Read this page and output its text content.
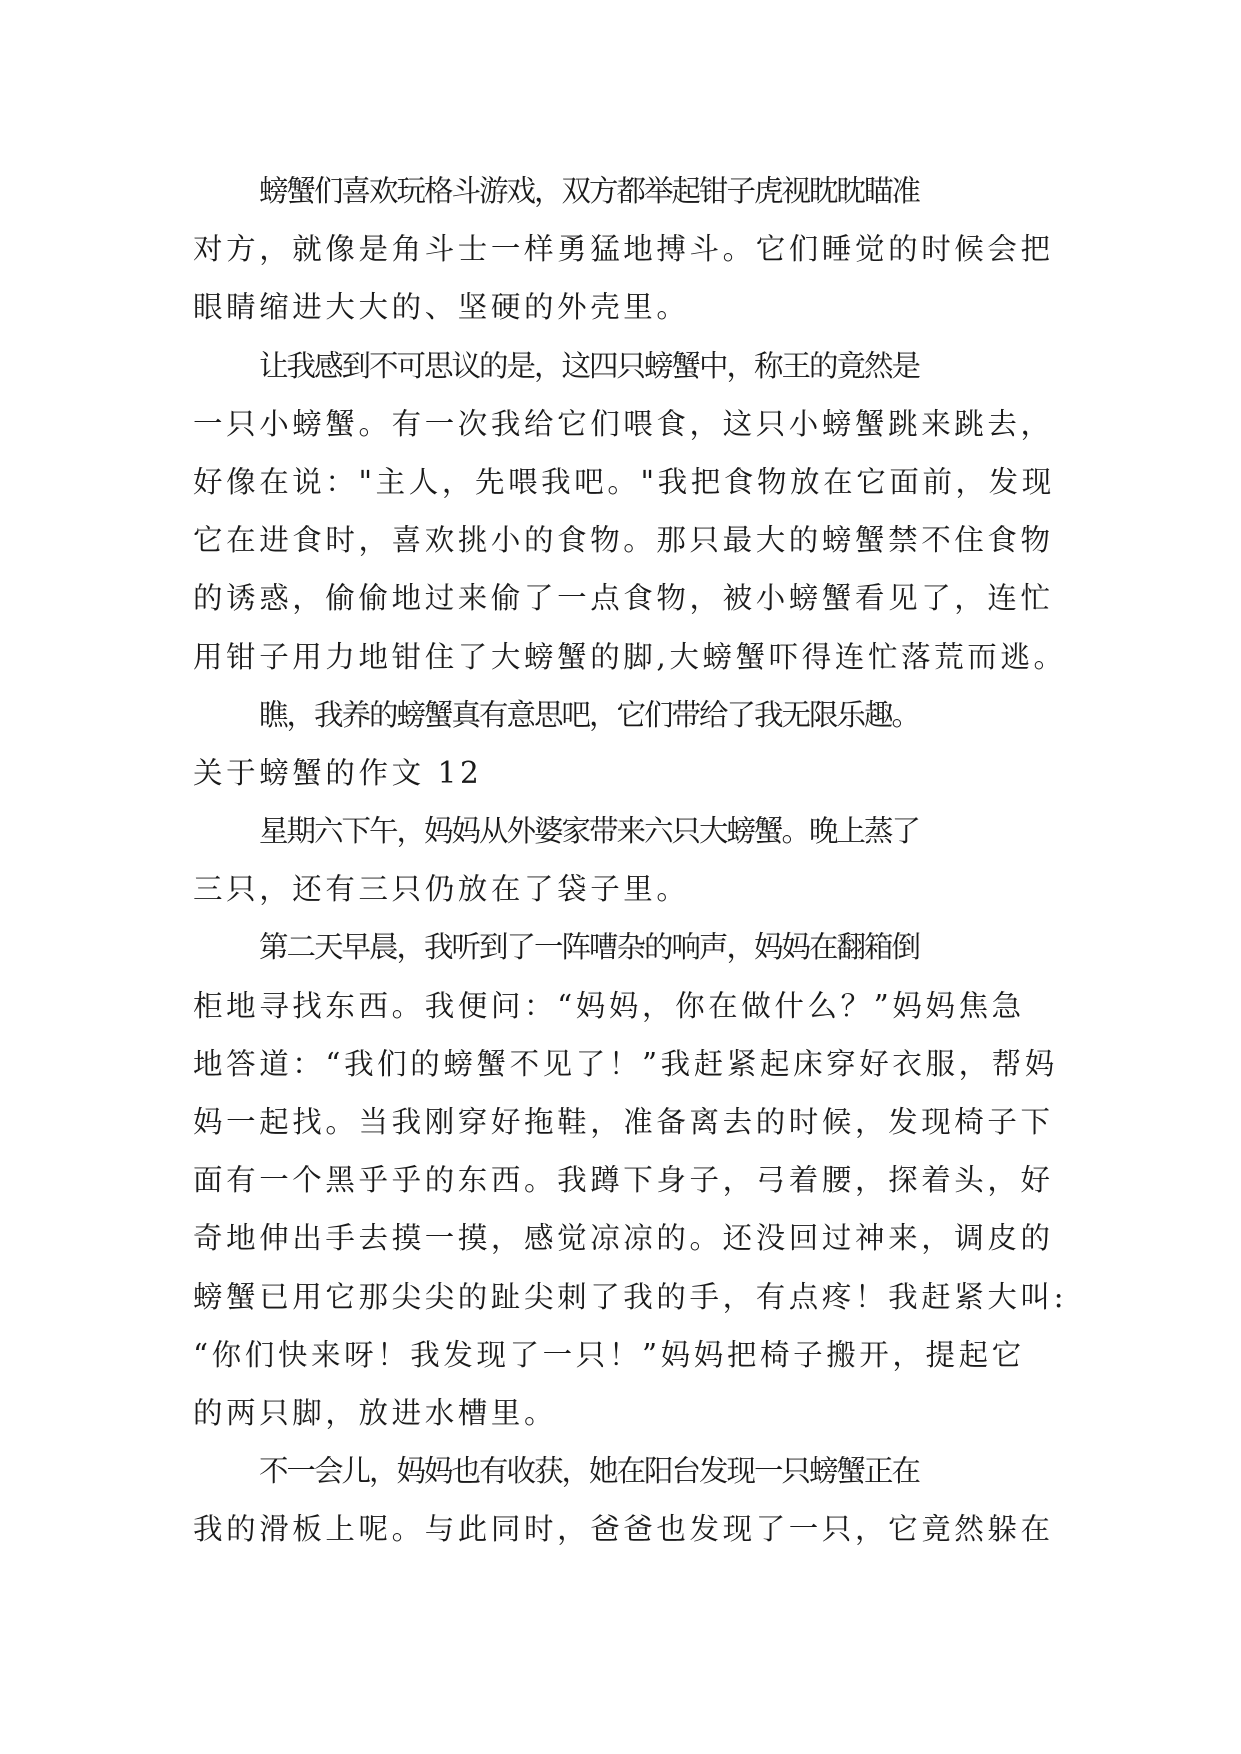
螃蟹们喜欢玩格斗游戏，双方都举起钳子虎视眈眈瞄准
对方，就像是角斗士一样勇猛地搏斗。它们睡觉的时候会把
眼睛缩进大大的、坚硬的外壳里。
让我感到不可思议的是，这四只螃蟹中，称王的竟然是
一只小螃蟹。有一次我给它们喂食，这只小螃蟹跳来跳去，
好像在说："主人，先喂我吧。"我把食物放在它面前，发现
它在进食时，喜欢挑小的食物。那只最大的螃蟹禁不住食物
的诱惑，偷偷地过来偷了一点食物，被小螃蟹看见了，连忙
用钳子用力地钳住了大螃蟹的脚,大螃蟹吓得连忙落荒而逃。
瞧，我养的螃蟹真有意思吧，它们带给了我无限乐趣。
关于螃蟹的作文 12
星期六下午，妈妈从外婆家带来六只大螃蟹。晚上蒸了
三只，还有三只仍放在了袋子里。
第二天早晨，我听到了一阵嘈杂的响声，妈妈在翻箱倒
柜地寻找东西。我便问：“妈妈，你在做什么？”妈妈焦急
地答道：“我们的螃蟹不见了！”我赶紧起床穿好衣服，帮妈
妈一起找。当我刚穿好拖鞋，准备离去的时候，发现椅子下
面有一个黑乎乎的东西。我蹲下身子，弓着腰，探着头，好
奇地伸出手去摸一摸，感觉凉凉的。还没回过神来，调皮的
螃蟹已用它那尖尖的趾尖刺了我的手，有点疼！我赶紧大叫:
“你们快来呀！我发现了一只！”妈妈把椅子搬开，提起它
的两只脚，放进水槽里。
不一会儿，妈妈也有收获，她在阳台发现一只螃蟹正在
我的滑板上呢。与此同时，爸爸也发现了一只，它竟然躲在
